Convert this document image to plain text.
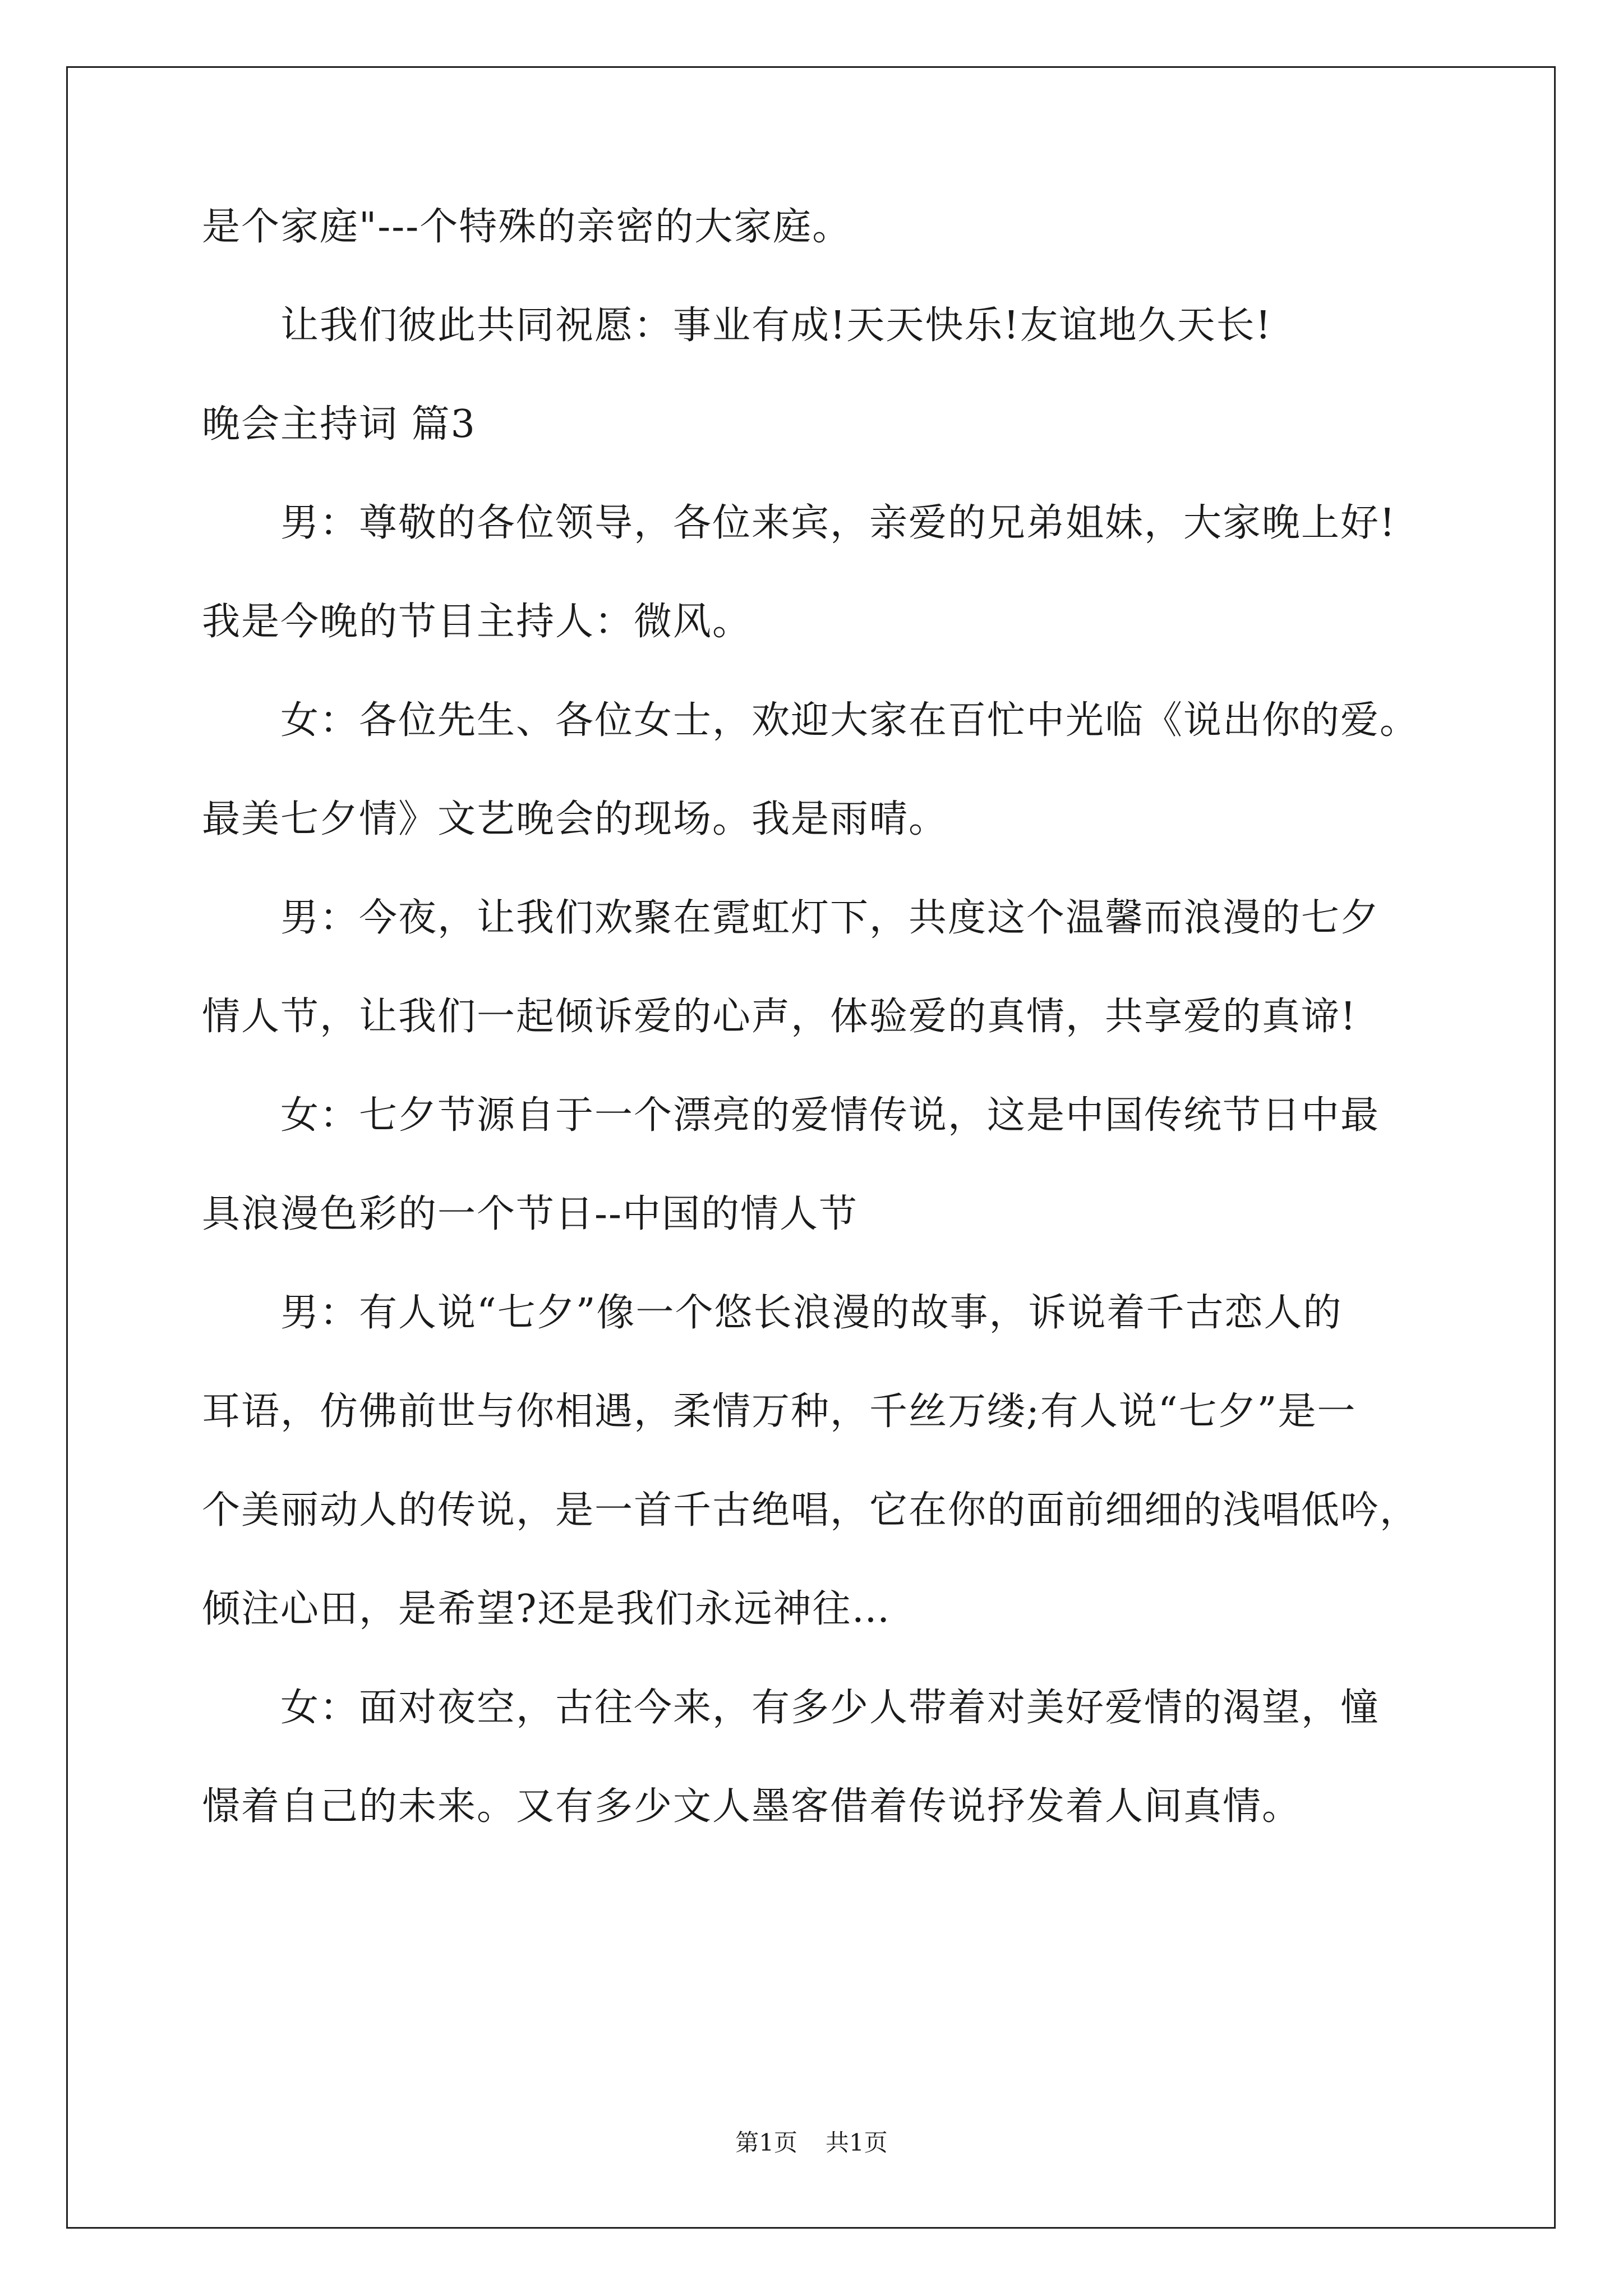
是个家庭"---个特殊的亲密的大家庭。
　　让我们彼此共同祝愿：事业有成!天天快乐!友谊地久天长!
晚会主持词 篇3
　　男：尊敬的各位领导，各位来宾，亲爱的兄弟姐妹，大家晚上好!
我是今晚的节目主持人：微风。
　　女：各位先生、各位女士，欢迎大家在百忙中光临《说出你的爱。
最美七夕情》文艺晚会的现场。我是雨晴。
　　男：今夜，让我们欢聚在霓虹灯下，共度这个温馨而浪漫的七夕
情人节，让我们一起倾诉爱的心声，体验爱的真情，共享爱的真谛!
　　女：七夕节源自于一个漂亮的爱情传说，这是中国传统节日中最
具浪漫色彩的一个节日--中国的情人节
　　男：有人说“七夕”像一个悠长浪漫的故事，诉说着千古恋人的
耳语，仿佛前世与你相遇，柔情万种，千丝万缕;有人说“七夕”是一
个美丽动人的传说，是一首千古绝唱，它在你的面前细细的浅唱低吟，
倾注心田，是希望?还是我们永远神往…
　　女：面对夜空，古往今来，有多少人带着对美好爱情的渴望，憧
憬着自己的未来。又有多少文人墨客借着传说抒发着人间真情。
第1页 共1页
